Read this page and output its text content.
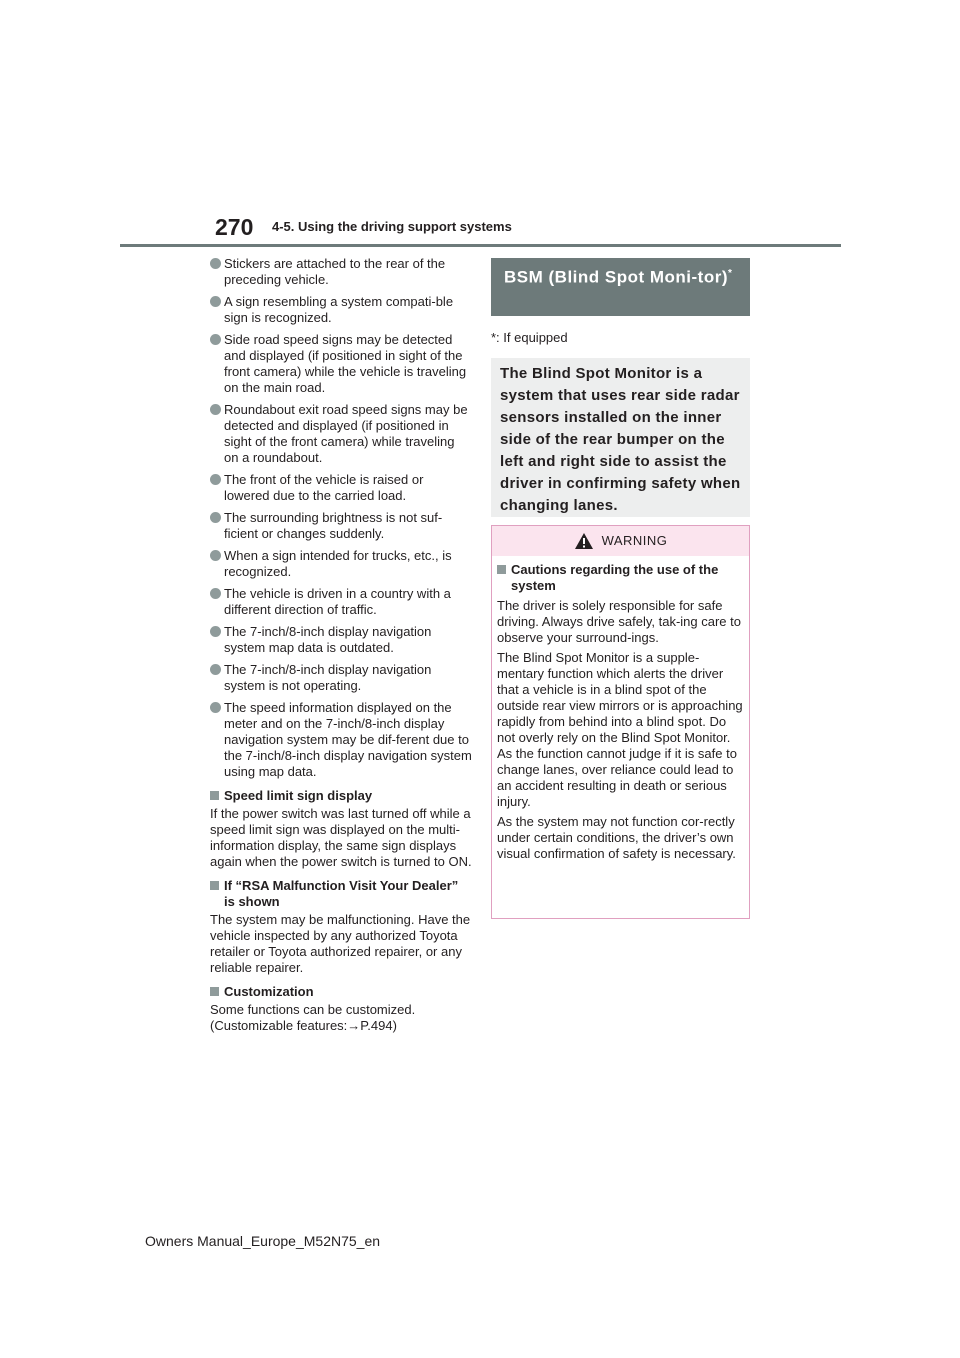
270 4-5. Using the driving support systems
Stickers are attached to the rear of the preceding vehicle.
A sign resembling a system compati-ble sign is recognized.
Side road speed signs may be detected and displayed (if positioned in sight of the front camera) while the vehicle is traveling on the main road.
Roundabout exit road speed signs may be detected and displayed (if positioned in sight of the front camera) while traveling on a roundabout.
The front of the vehicle is raised or lowered due to the carried load.
The surrounding brightness is not suf-ficient or changes suddenly.
When a sign intended for trucks, etc., is recognized.
The vehicle is driven in a country with a different direction of traffic.
The 7-inch/8-inch display navigation system map data is outdated.
The 7-inch/8-inch display navigation system is not operating.
The speed information displayed on the meter and on the 7-inch/8-inch display navigation system may be dif-ferent due to the 7-inch/8-inch display navigation system using map data.
Speed limit sign display
If the power switch was last turned off while a speed limit sign was displayed on the multi-information display, the same sign displays again when the power switch is turned to ON.
If “RSA Malfunction Visit Your Dealer” is shown
The system may be malfunctioning. Have the vehicle inspected by any authorized Toyota retailer or Toyota authorized repairer, or any reliable repairer.
Customization
Some functions can be customized. (Customizable features:→P.494)
BSM (Blind Spot Moni-tor)*
*: If equipped
The Blind Spot Monitor is a system that uses rear side radar sensors installed on the inner side of the rear bumper on the left and right side to assist the driver in confirming safety when changing lanes.
WARNING
Cautions regarding the use of the system
The driver is solely responsible for safe driving. Always drive safely, tak-ing care to observe your surround-ings.
The Blind Spot Monitor is a supple-mentary function which alerts the driver that a vehicle is in a blind spot of the outside rear view mirrors or is approaching rapidly from behind into a blind spot. Do not overly rely on the Blind Spot Monitor. As the function cannot judge if it is safe to change lanes, over reliance could lead to an accident resulting in death or serious injury.
As the system may not function cor-rectly under certain conditions, the driver’s own visual confirmation of safety is necessary.
Owners Manual_Europe_M52N75_en
